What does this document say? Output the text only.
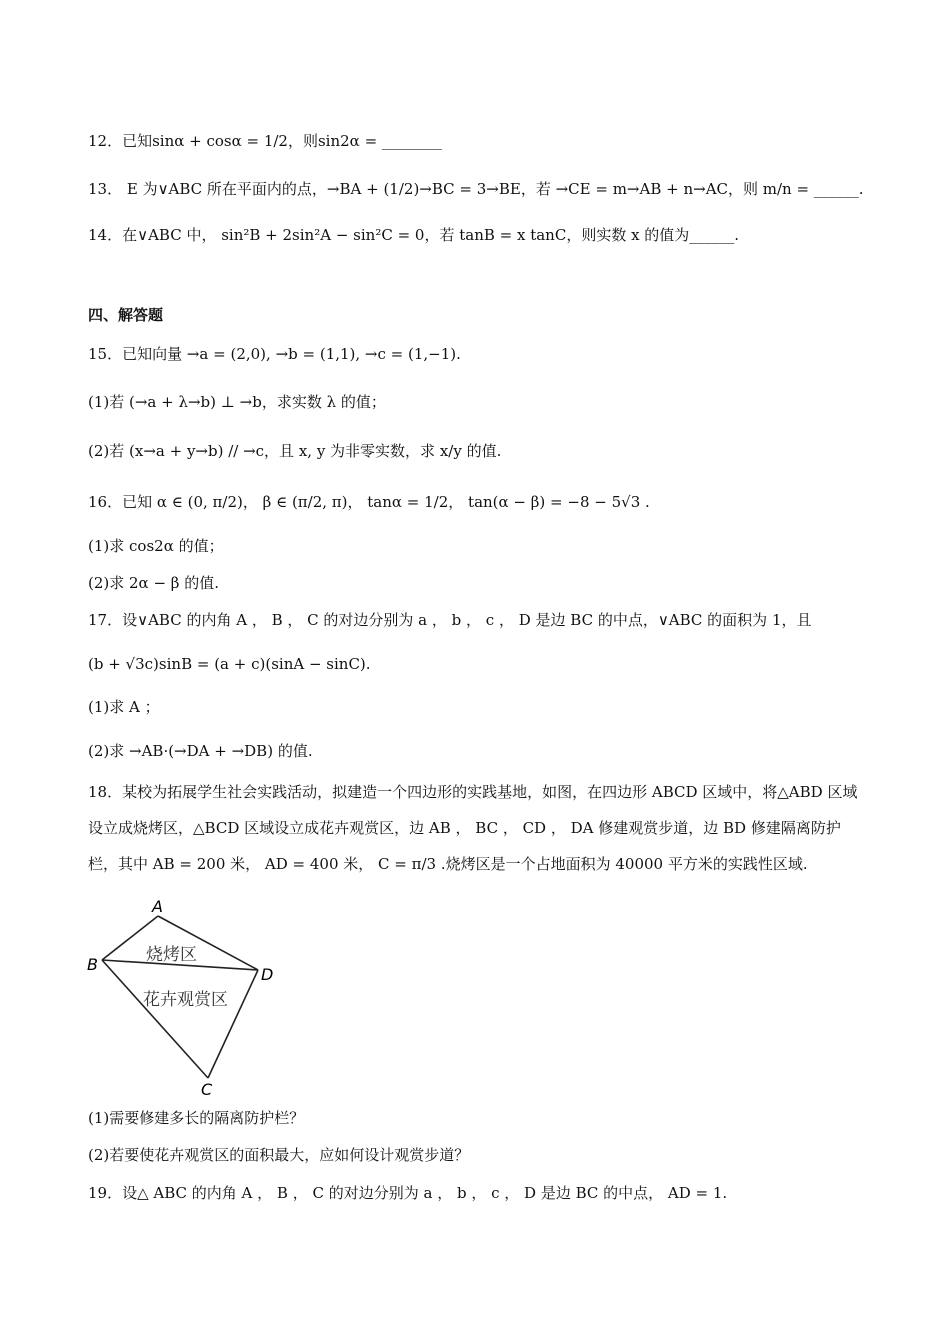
12．已知sinα + cosα = 1/2，则sin2α = ________
13． E 为∨ABC 所在平面内的点，→BA + (1/2)→BC = 3→BE，若 →CE = m→AB + n→AC，则 m/n = ______.
14．在∨ABC 中， sin²B + 2sin²A − sin²C = 0，若 tanB = x tanC，则实数 x 的值为______.
四、解答题
15．已知向量 →a = (2,0), →b = (1,1), →c = (1,−1).
(1)若 (→a + λ→b) ⊥ →b，求实数 λ 的值；
(2)若 (x→a + y→b) // →c，且 x, y 为非零实数，求 x/y 的值.
16．已知 α ∈ (0, π/2)， β ∈ (π/2, π)， tanα = 1/2， tan(α − β) = −8 − 5√3 .
(1)求 cos2α 的值；
(2)求 2α − β 的值.
17．设∨ABC 的内角 A ， B ， C 的对边分别为 a ， b ， c ， D 是边 BC 的中点，∨ABC 的面积为 1，且
(b + √3c)sinB = (a + c)(sinA − sinC).
(1)求 A ；
(2)求 →AB·(→DA + →DB) 的值.
18．某校为拓展学生社会实践活动，拟建造一个四边形的实践基地，如图，在四边形 ABCD 区域中，将△ABD 区域设立成烧烤区，△BCD 区域设立成花卉观赏区，边 AB ， BC ， CD ， DA 修建观赏步道，边 BD 修建隔离防护栏，其中 AB = 200 米， AD = 400 米， C = π/3 .烧烤区是一个占地面积为 40000 平方米的实践性区域.
A
B
C
D
烧烤区
花卉观赏区
(1)需要修建多长的隔离防护栏？
(2)若要使花卉观赏区的面积最大，应如何设计观赏步道？
19．设△ ABC 的内角 A ， B ， C 的对边分别为 a ， b ， c ， D 是边 BC 的中点， AD = 1.
